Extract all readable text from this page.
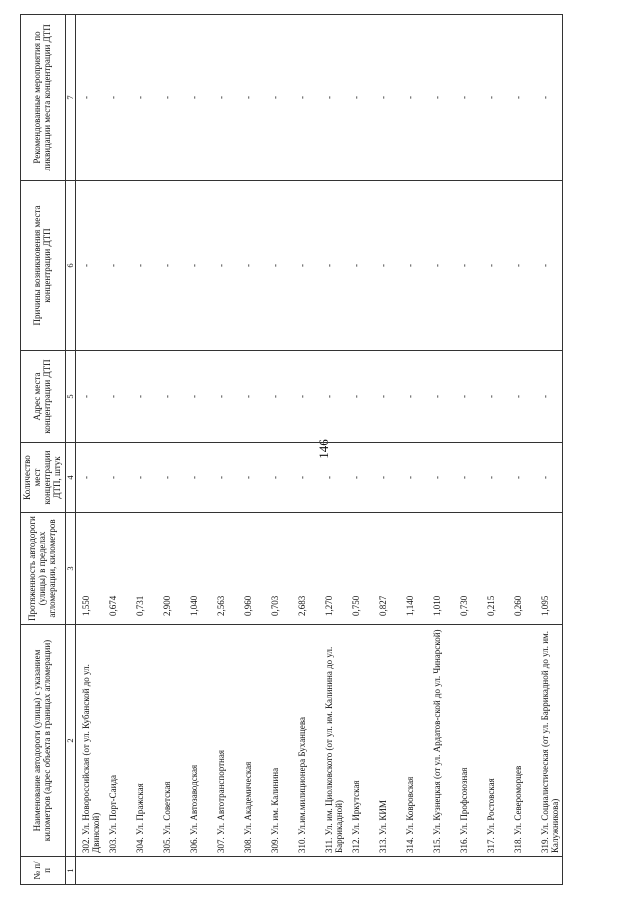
146
№ п/п	Наименование автодороги (улицы) с указанием километров (адрес объекта в границах агломерации)	Протяженность автодороги (улицы) в пределах агломерации, километров	Количество мест концентрации ДТП, штук	Адрес места концентрации ДТП	Причины возникновения места концентрации ДТП	Рекомендованные мероприятия по ликвидации места концентрации ДТП
1	2	3	4	5	6	7
	302. Ул. Новороссийская (от ул. Кубанской до ул. Двинской)	1,550	-	-	-	-
	303. Ул. Порт-Саида	0,674	-	-	-	-
	304. Ул. Пражская	0,731	-	-	-	-
	305. Ул. Советская	2,900	-	-	-	-
	306. Ул. Автозаводская	1,040	-	-	-	-
	307. Ул. Автотранспортная	2,563	-	-	-	-
	308. Ул. Академическая	0,960	-	-	-	-
	309. Ул. им. Калинина	0,703	-	-	-	-
	310. Ул.им.милиционера Буханцева	2,683	-	-	-	-
	311. Ул. им. Циолковского (от ул. им. Калинина до ул. Баррикадной)	1,270	-	-	-	-
	312. Ул. Иркутская	0,750	-	-	-	-
	313. Ул. КИМ	0,827	-	-	-	-
	314. Ул. Ковровская	1,140	-	-	-	-
	315. Ул. Кузнецкая (от ул. Ардатов-ской до ул. Чинарской)	1,010	-	-	-	-
	316. Ул. Профсоюзная	0,730	-	-	-	-
	317. Ул. Ростовская	0,215	-	-	-	-
	318. Ул. Североморцев	0,260	-	-	-	-
	319. Ул. Социалистическая (от ул. Баррикадной до ул. им. Калужникова)	1,095	-	-	-	-
